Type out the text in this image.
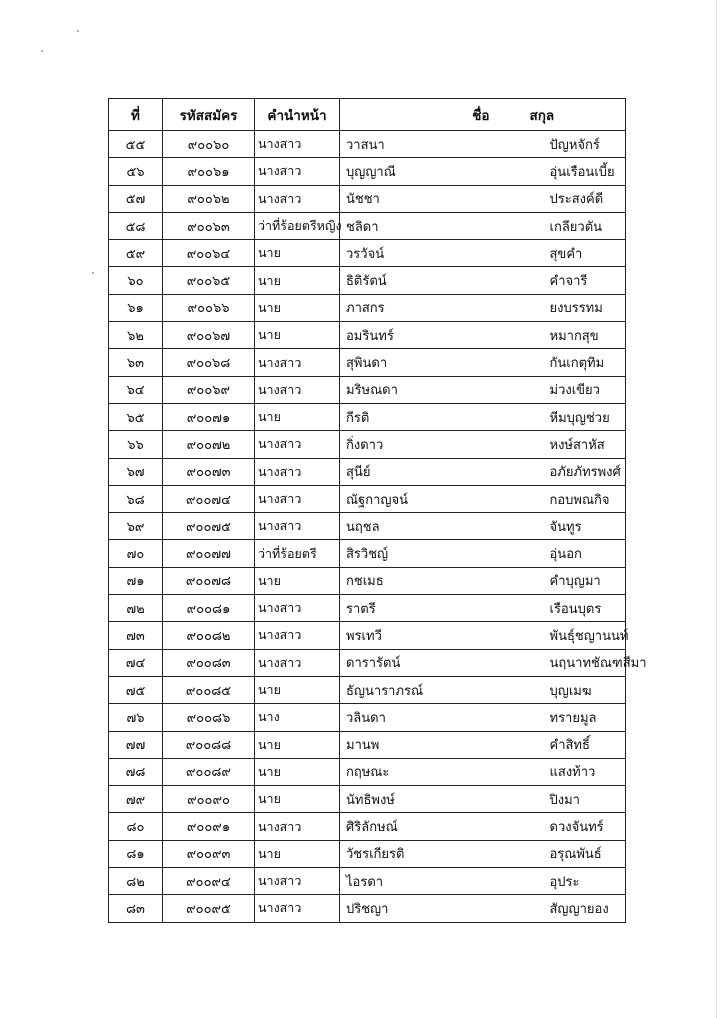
ที่	รหัสสมัคร	คำนำหน้า	ชื่อ	สกุล
๕๕	๙๐๐๖๐	นางสาว	วาสนา	ปัญหจักร์
๕๖	๙๐๐๖๑	นางสาว	บุญญาณี	อุ่นเรือนเบี้ย
๕๗	๙๐๐๖๒	นางสาว	นัชชา	ประสงค์ดี
๕๘	๙๐๐๖๓	ว่าที่ร้อยตรีหญิง	ชลิดา	เกลียวตัน
๕๙	๙๐๐๖๔	นาย	วรวัจน์	สุขคำ
๖๐	๙๐๐๖๕	นาย	ธิติรัตน์	คำจารี
๖๑	๙๐๐๖๖	นาย	ภาสกร	ยงบรรทม
๖๒	๙๐๐๖๗	นาย	อมรินทร์	หมากสุข
๖๓	๙๐๐๖๘	นางสาว	สุพินดา	กันเกตุทิม
๖๔	๙๐๐๖๙	นางสาว	มริษณดา	ม่วงเขียว
๖๕	๙๐๐๗๑	นาย	กีรติ	หีมบุญช่วย
๖๖	๙๐๐๗๒	นางสาว	กิ่งดาว	หงษ์สาหัส
๖๗	๙๐๐๗๓	นางสาว	สุนีย์	อภัยภัทรพงศ์
๖๘	๙๐๐๗๔	นางสาว	ณัฐกาญจน์	กอบพณกิจ
๖๙	๙๐๐๗๕	นางสาว	นฤชล	จันทูร
๗๐	๙๐๐๗๗	ว่าที่ร้อยตรี	สิรวิชญ์	อุ่นอก
๗๑	๙๐๐๗๘	นาย	กชเมธ	คำบุญมา
๗๒	๙๐๐๘๑	นางสาว	ราตรี	เรือนบุตร
๗๓	๙๐๐๘๒	นางสาว	พรเทวี	พันธุ์ชญานนท์
๗๔	๙๐๐๘๓	นางสาว	ดารารัตน์	นฤนาทชัณฑสีมา
๗๕	๙๐๐๘๕	นาย	ธัญนาราภรณ์	บุญเมฆ
๗๖	๙๐๐๘๖	นาง	วลินดา	ทรายมูล
๗๗	๙๐๐๘๘	นาย	มานพ	คำสิทธิ์
๗๘	๙๐๐๘๙	นาย	กฤษณะ	แสงท้าว
๗๙	๙๐๐๙๐	นาย	นัทธิพงษ์	ปิงมา
๘๐	๙๐๐๙๑	นางสาว	ศิริลักษณ์	ดวงจันทร์
๘๑	๙๐๐๙๓	นาย	วัชรเกียรติ	อรุณพันธ์
๘๒	๙๐๐๙๔	นางสาว	ไอรดา	อุประ
๘๓	๙๐๐๙๕	นางสาว	ปริชญา	สัญญายอง
